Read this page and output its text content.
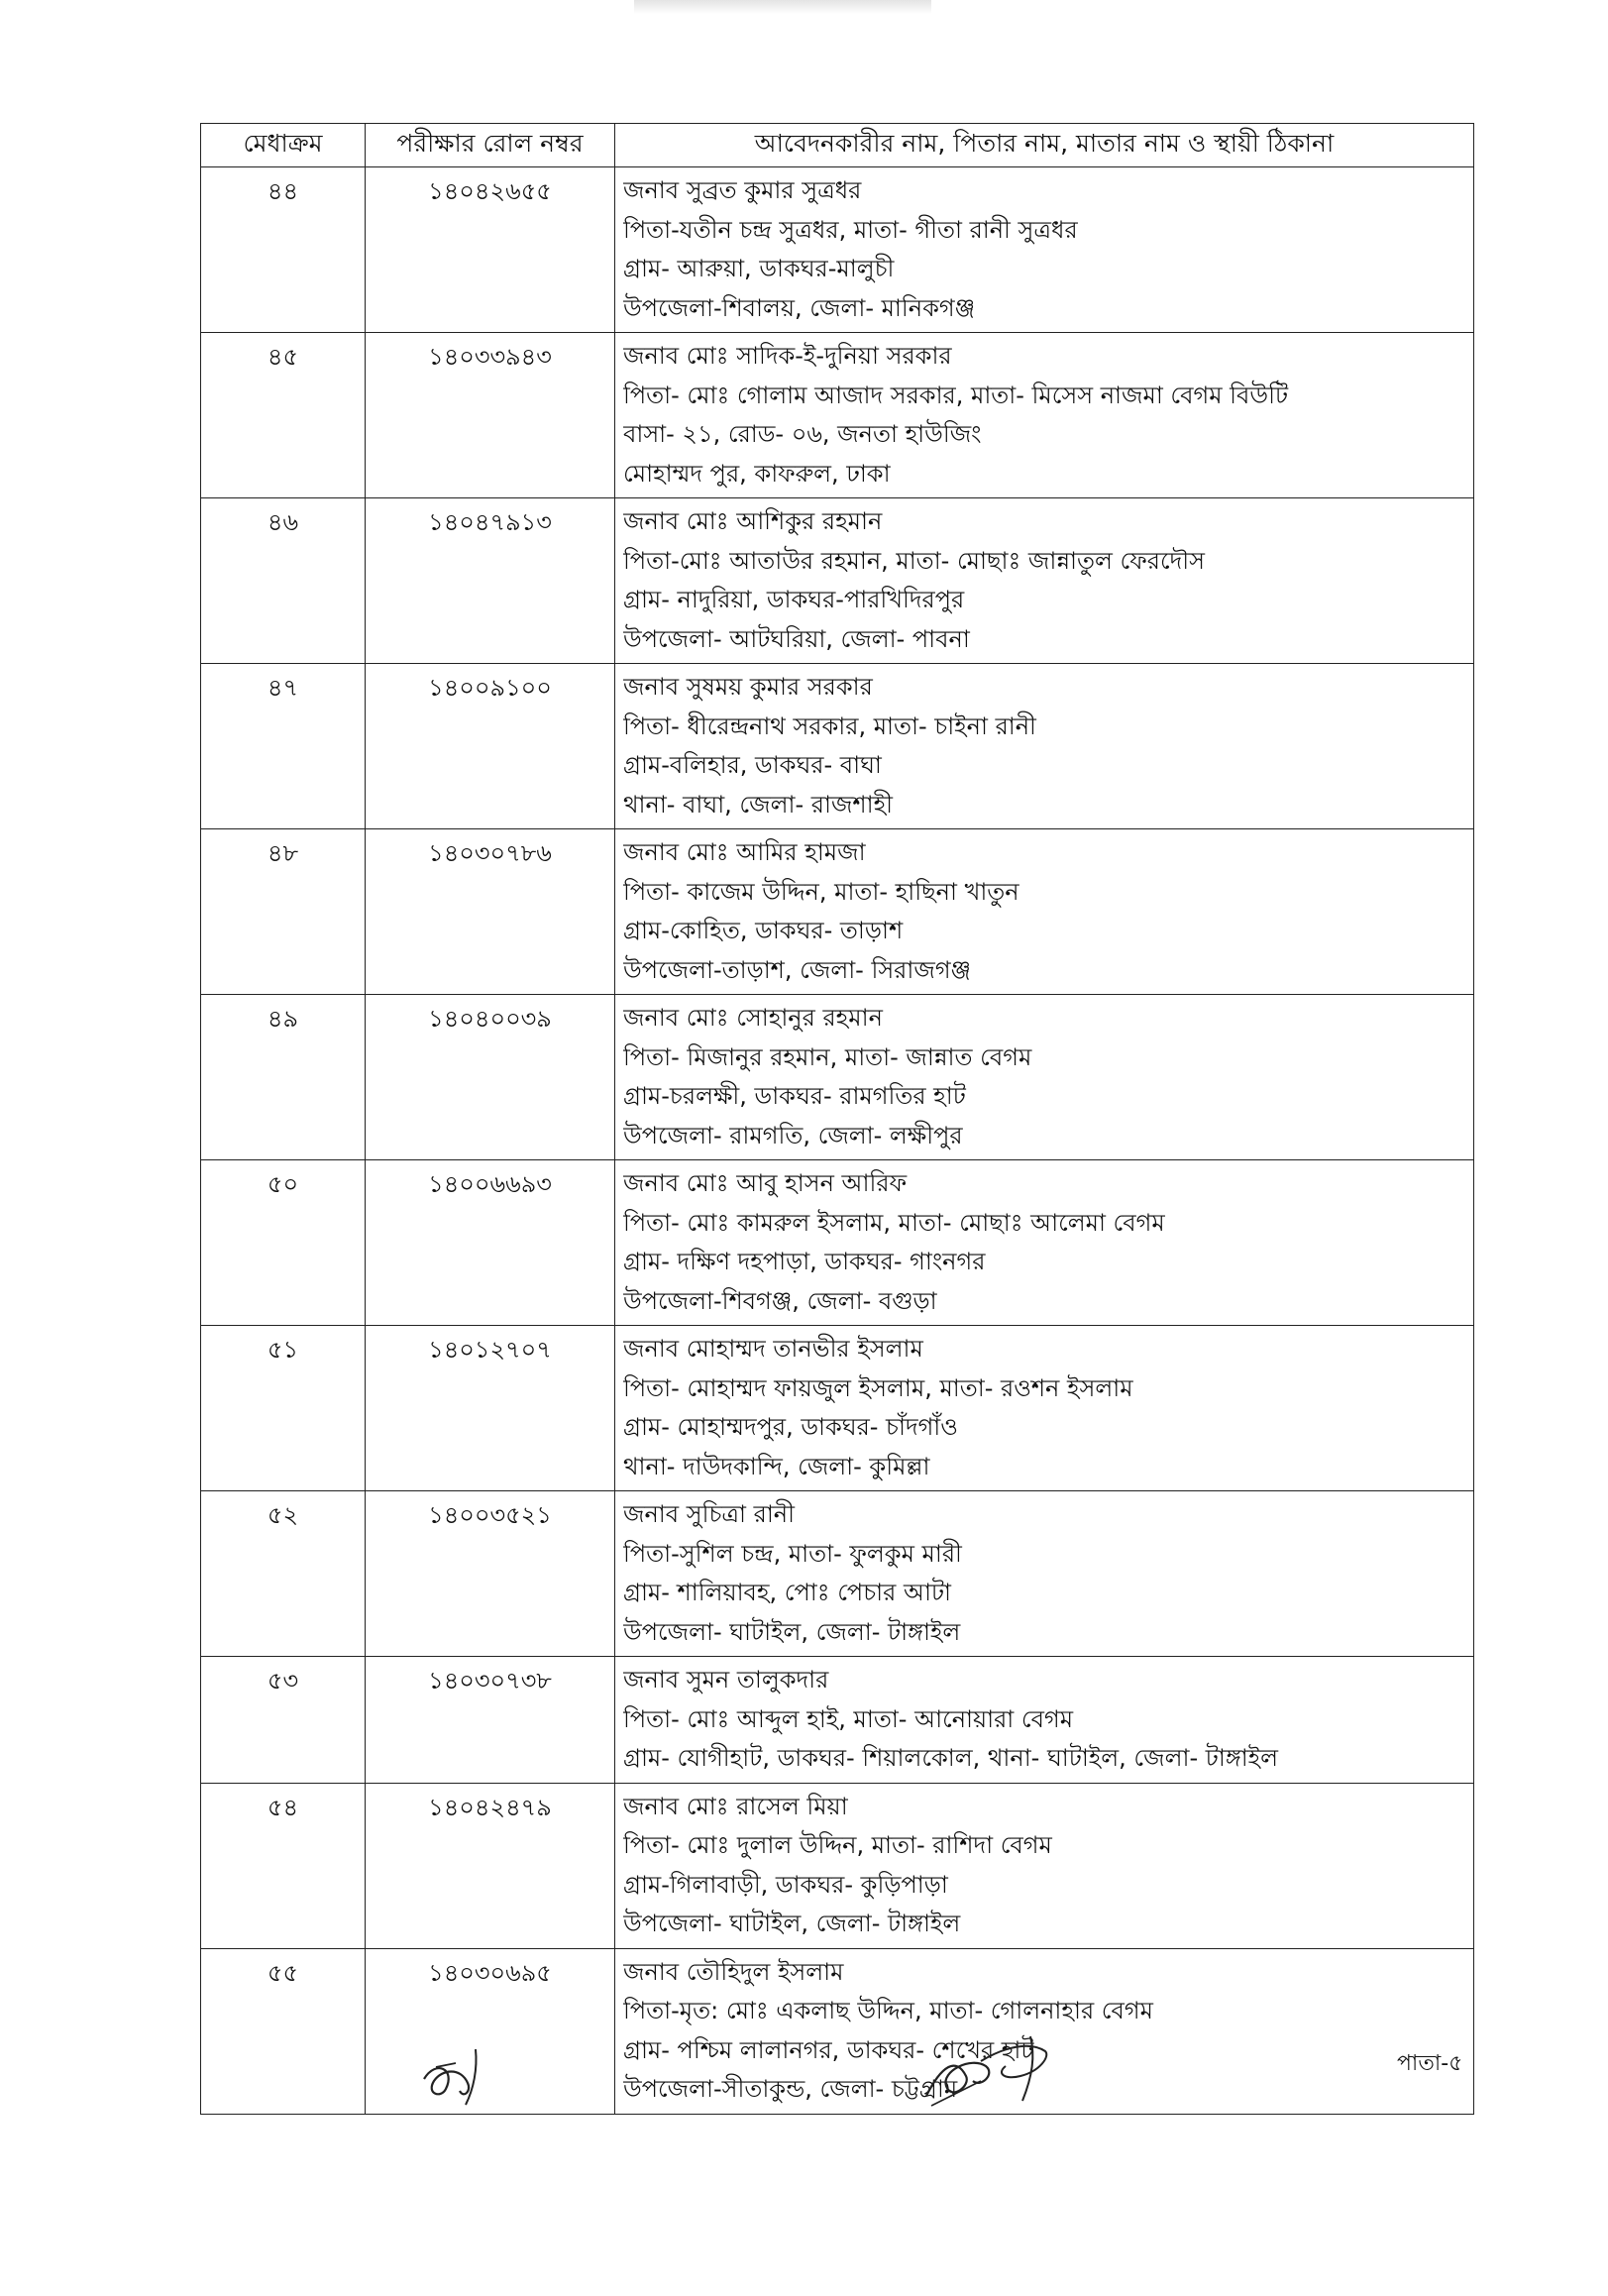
মেধাক্রম	পরীক্ষার রোল নম্বর	আবেদনকারীর নাম, পিতার নাম, মাতার নাম ও স্থায়ী ঠিকানা
৪৪	১৪০৪২৬৫৫	জনাব সুব্রত কুমার সুত্রধর
পিতা-যতীন চন্দ্র সুত্রধর, মাতা- গীতা রানী সুত্রধর
গ্রাম- আরুয়া, ডাকঘর-মালুচী
উপজেলা-শিবালয়, জেলা- মানিকগঞ্জ

৪৫	১৪০৩৩৯৪৩	জনাব মোঃ সাদিক-ই-দুনিয়া সরকার
পিতা- মোঃ গোলাম আজাদ সরকার, মাতা- মিসেস নাজমা বেগম বিউটি
বাসা- ২১, রোড- ০৬, জনতা হাউজিং
মোহাম্মদ পুর, কাফরুল, ঢাকা

৪৬	১৪০৪৭৯১৩	জনাব মোঃ আশিকুর রহমান
পিতা-মোঃ আতাউর রহমান, মাতা- মোছাঃ জান্নাতুল ফেরদৌস
গ্রাম- নাদুরিয়া, ডাকঘর-পারখিদিরপুর
উপজেলা- আটঘরিয়া, জেলা- পাবনা

৪৭	১৪০০৯১০০	জনাব সুষময় কুমার সরকার
পিতা- ধীরেন্দ্রনাথ সরকার, মাতা- চাইনা রানী
গ্রাম-বলিহার, ডাকঘর- বাঘা
থানা- বাঘা, জেলা- রাজশাহী

৪৮	১৪০৩০৭৮৬	জনাব মোঃ আমির হামজা
পিতা- কাজেম উদ্দিন, মাতা- হাছিনা খাতুন
গ্রাম-কোহিত, ডাকঘর- তাড়াশ
উপজেলা-তাড়াশ, জেলা- সিরাজগঞ্জ

৪৯	১৪০৪০০৩৯	জনাব মোঃ সোহানুর রহমান
পিতা- মিজানুর রহমান, মাতা- জান্নাত বেগম
গ্রাম-চরলক্ষী, ডাকঘর- রামগতির হাট
উপজেলা- রামগতি, জেলা- লক্ষীপুর

৫০	১৪০০৬৬৯৩	জনাব মোঃ আবু হাসন আরিফ
পিতা- মোঃ কামরুল ইসলাম, মাতা- মোছাঃ আলেমা বেগম
গ্রাম- দক্ষিণ দহপাড়া, ডাকঘর- গাংনগর
উপজেলা-শিবগঞ্জ, জেলা- বগুড়া

৫১	১৪০১২৭০৭	জনাব মোহাম্মদ তানভীর ইসলাম
পিতা- মোহাম্মদ ফায়জুল ইসলাম, মাতা- রওশন ইসলাম
গ্রাম- মোহাম্মদপুর, ডাকঘর- চাঁদগাঁও
থানা- দাউদকান্দি, জেলা- কুমিল্লা

৫২	১৪০০৩৫২১	জনাব সুচিত্রা রানী
পিতা-সুশিল চন্দ্র, মাতা- ফুলকুম মারী
গ্রাম- শালিয়াবহ, পোঃ পেচার আটা
উপজেলা- ঘাটাইল, জেলা- টাঙ্গাইল

৫৩	১৪০৩০৭৩৮	জনাব সুমন তালুকদার
পিতা- মোঃ আব্দুল হাই, মাতা- আনোয়ারা বেগম
গ্রাম- যোগীহাট, ডাকঘর- শিয়ালকোল, থানা- ঘাটাইল, জেলা- টাঙ্গাইল

৫৪	১৪০৪২৪৭৯	জনাব মোঃ রাসেল মিয়া
পিতা- মোঃ দুলাল উদ্দিন, মাতা- রাশিদা বেগম
গ্রাম-গিলাবাড়ী, ডাকঘর- কুড়িপাড়া
উপজেলা- ঘাটাইল, জেলা- টাঙ্গাইল

৫৫	১৪০৩০৬৯৫	জনাব তৌহিদুল ইসলাম
পিতা-মৃত: মোঃ একলাছ উদ্দিন, মাতা- গোলনাহার বেগম
গ্রাম- পশ্চিম লালানগর, ডাকঘর- শেখের হাট
উপজেলা-সীতাকুন্ড, জেলা- চট্টগ্রাম
পাতা-৫
